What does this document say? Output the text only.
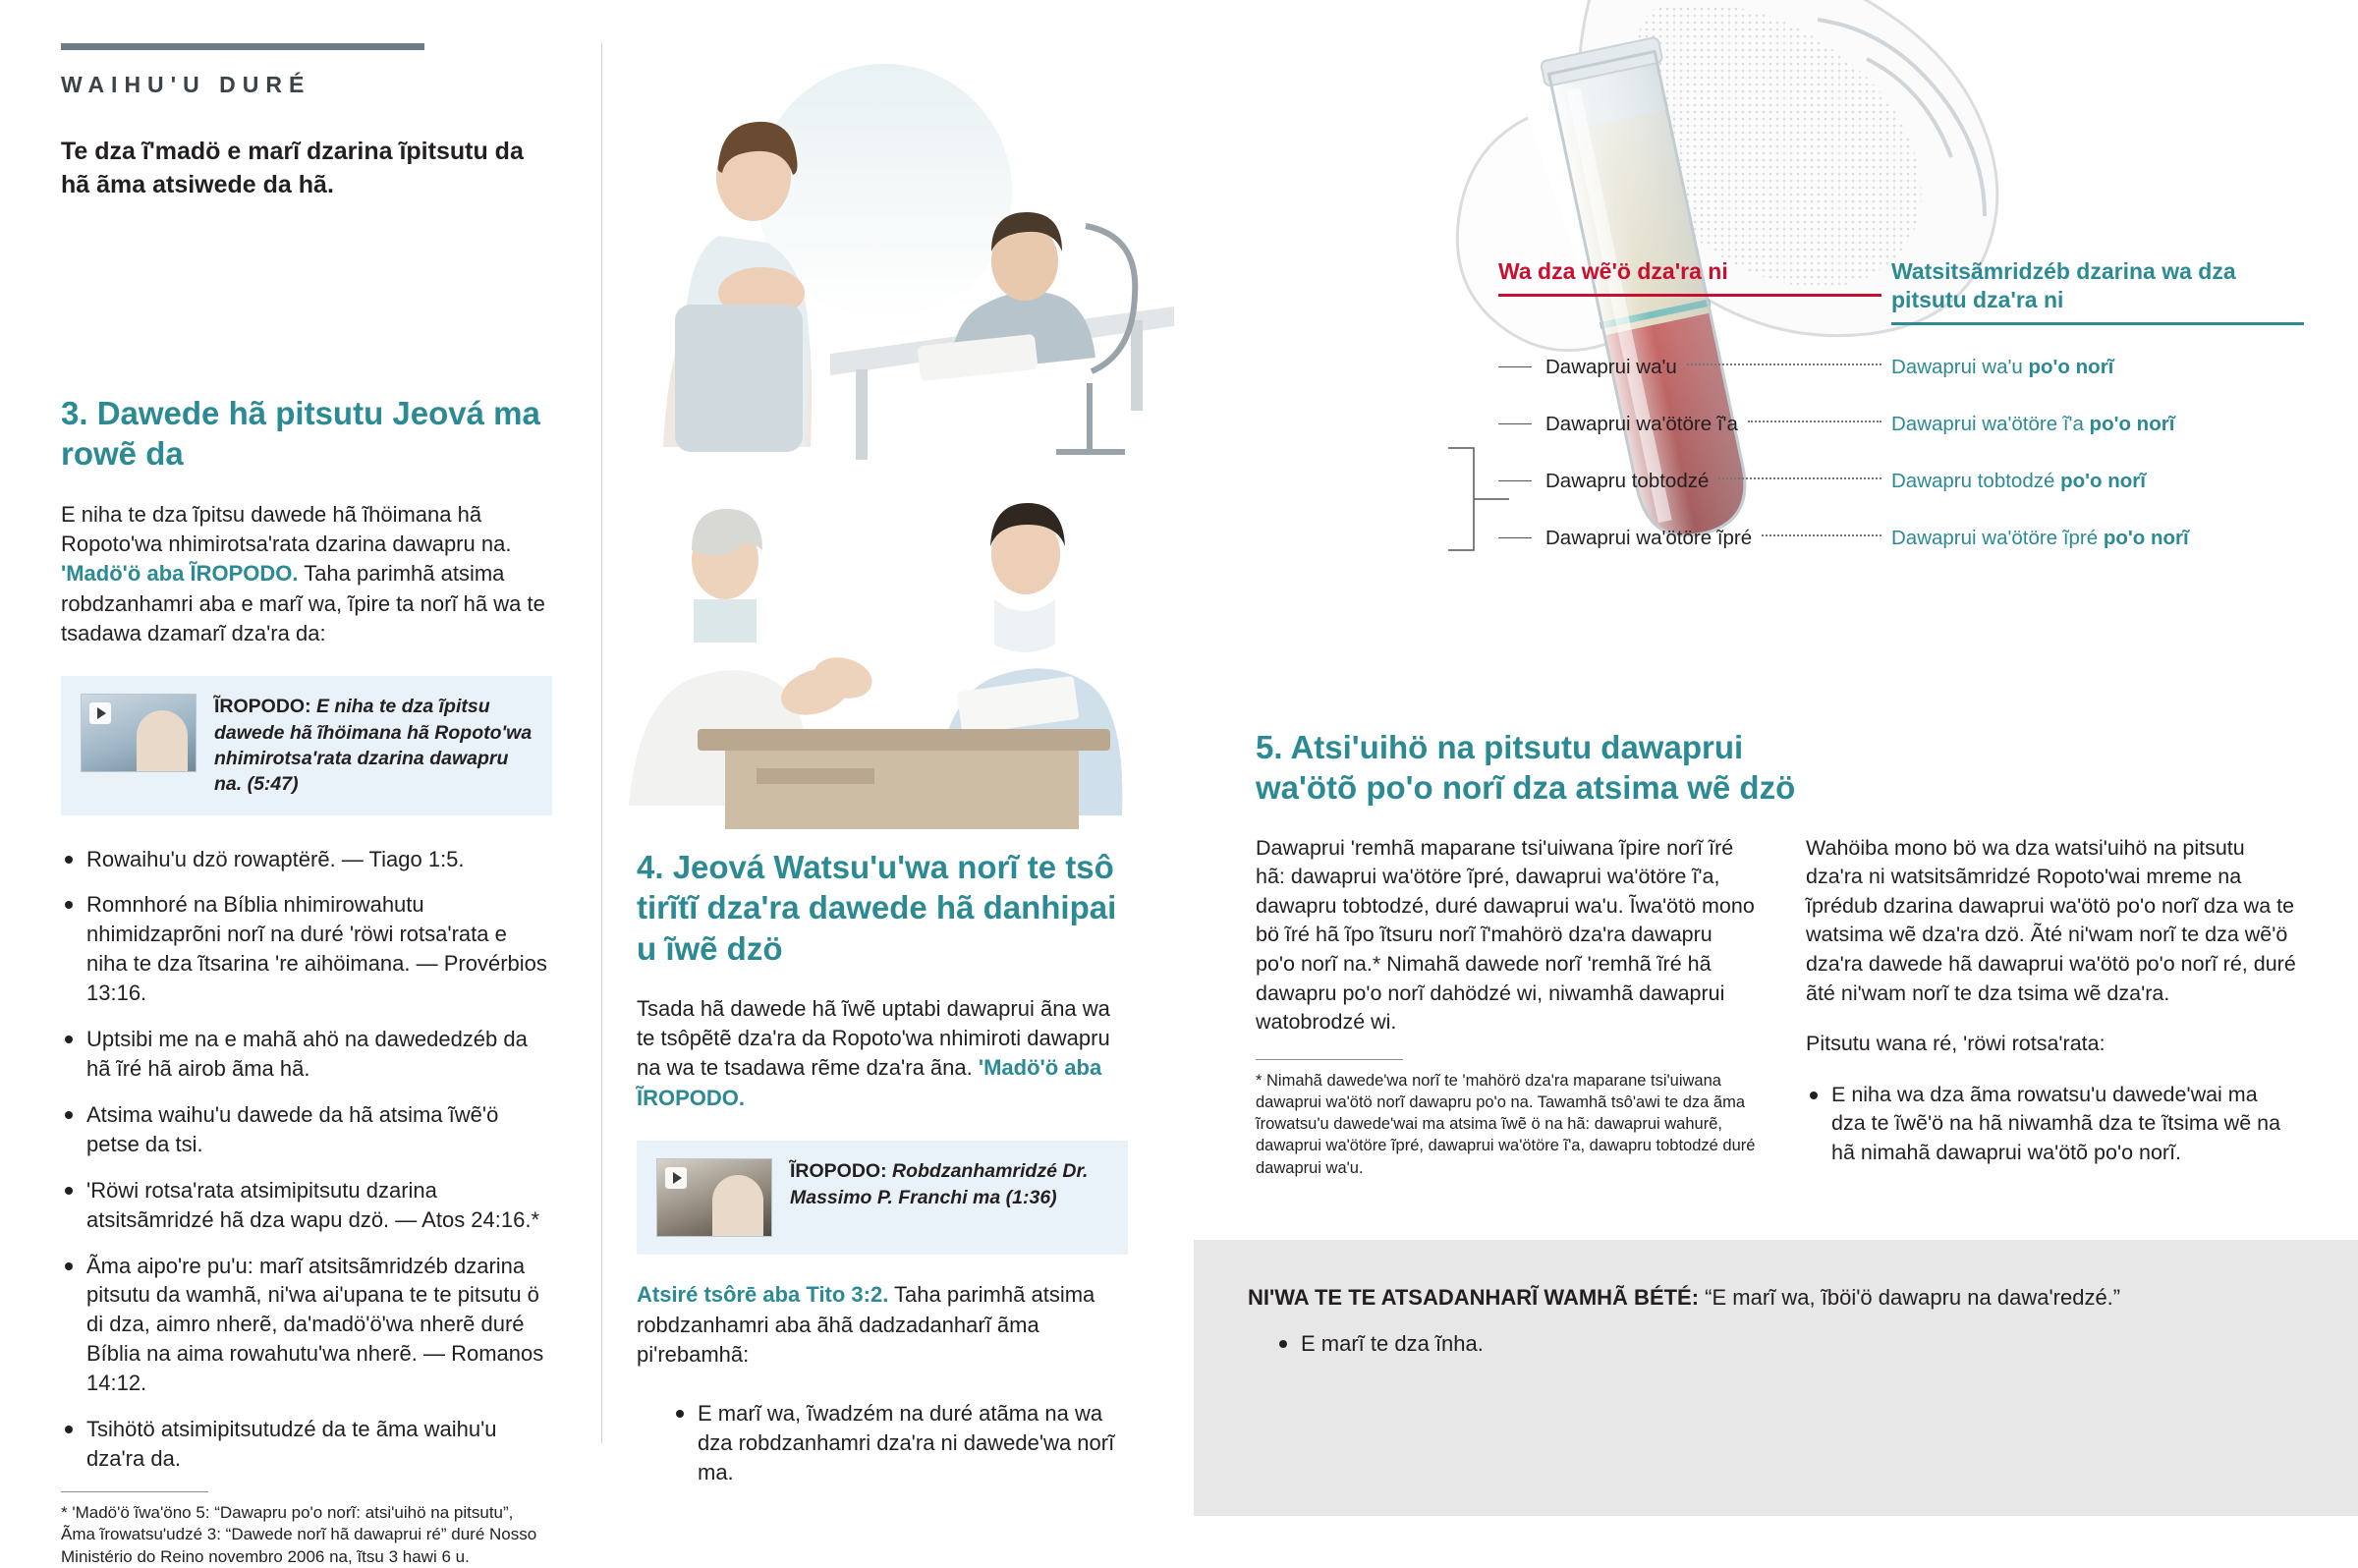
WAIHU'U DURÉ
Te dza ĩ'madö e marĩ dzarina ĩpitsutu da hã ãma atsiwede da hã.
3. Dawede hã pitsutu Jeová ma rowẽ da
E niha te dza ĩpitsu dawede hã ĩhöimana hã Ropoto'wa nhimirotsa'rata dzarina dawapru na. 'Madö'ö aba ĨROPODO. Taha parimhã atsima robdzanhamri aba e marĩ wa, ĩpire ta norĩ hã wa te tsadawa dzamarĩ dza'ra da:
ĨROPODO: E niha te dza ĩpitsu dawede hã ĩhöimana hã Ropoto'wa nhimirotsa'rata dzarina dawapru na. (5:47)
Rowaihu'u dzö rowaptërẽ. — Tiago 1:5.
Romnhoré na Bíblia nhimirowahutu nhimidzaprõni norĩ na duré 'röwi rotsa'rata e niha te dza ĩtsarina 're aihöimana. — Provérbios 13:16.
Uptsibi me na e mahã ahö na dawededzéb da hã ĩré hã airob ãma hã.
Atsima waihu'u dawede da hã atsima ĩwẽ'ö petse da tsi.
'Röwi rotsa'rata atsimipitsutu dzarina atsitsãmridzé hã dza wapu dzö. — Atos 24:16.*
Ãma aipo're pu'u: marĩ atsitsãmridzéb dzarina pitsutu da wamhã, ni'wa ai'upana te te pitsutu ö di dza, aimro nherẽ, da'madö'ö'wa nherẽ duré Bíblia na aima rowahutu'wa nherẽ. — Romanos 14:12.
Tsihötö atsimipitsutudzé da te ãma waihu'u dza'ra da.
* 'Madö'ö ĩwa'öno 5: “Dawapru po'o norĩ: atsi'uihö na pitsutu”, Ãma ĩrowatsu'udzé 3: “Dawede norĩ hã dawaprui ré” duré Nosso Ministério do Reino novembro 2006 na, ĩtsu 3 hawi 6 u.
4. Jeová Watsu'u'wa norĩ te tsô tirĩtĩ dza'ra dawede hã danhipai u ĩwẽ dzö
Tsada hã dawede hã ĩwẽ uptabi dawaprui ãna wa te tsôpẽtẽ dza'ra da Ropoto'wa nhimiroti dawapru na wa te tsadawa rẽme dza'ra ãna. 'Madö'ö aba ĨROPODO.
ĨROPODO: Robdzanhamridzé Dr. Massimo P. Franchi ma (1:36)
Atsiré tsôrē aba Tito 3:2. Taha parimhã atsima robdzanhamri aba ãhã dadzadanharĩ ãma pi'rebamhã:
E marĩ wa, ĩwadzém na duré atãma na wa dza robdzanhamri dza'ra ni dawede'wa norĩ ma.
Wa dza wẽ'ö dza'ra ni	Watsitsãmridzéb dzarina wa dza pitsutu dza'ra ni
Dawaprui wa'u	Dawaprui wa'u po'o norĩ
Dawaprui wa'ötöre ĩ'a	Dawaprui wa'ötöre ĩ'a po'o norĩ
Dawapru tobtodzé	Dawapru tobtodzé po'o norĩ
Dawaprui wa'ötöre ĩpré	Dawaprui wa'ötöre ĩpré po'o norĩ
5. Atsi'uihö na pitsutu dawaprui wa'ötõ po'o norĩ dza atsima wẽ dzö

Dawaprui 'remhã maparane tsi'uiwana ĩpire norĩ ĩré hã: dawaprui wa'ötöre ĩpré, dawaprui wa'ötöre ĩ'a, dawapru tobtodzé, duré dawaprui wa'u. Ĩwa'ötö mono bö ĩré hã ĩpo ĩtsuru norĩ ĩ'mahörö dza'ra dawapru po'o norĩ na.* Nimahã dawede norĩ 'remhã ĩré hã dawapru po'o norĩ dahödzé wi, niwamhã dawaprui watobrodzé wi.

* Nimahã dawede'wa norĩ te 'mahörö dza'ra maparane tsi'uiwana dawaprui wa'ötö norĩ dawapru po'o na. Tawamhã tsô'awi te dza ãma ĩrowatsu'u dawede'wai ma atsima ĩwẽ ö na hã: dawaprui wahurẽ, dawaprui wa'ötöre ĩpré, dawaprui wa'ötöre ĩ'a, dawapru tobtodzé duré dawaprui wa'u.

Wahöiba mono bö wa dza watsi'uihö na pitsutu dza'ra ni watsitsãmridzé Ropoto'wai mreme na ĩprédub dzarina dawaprui wa'ötö po'o norĩ dza wa te watsima wẽ dza'ra dzö. Ãté ni'wam norĩ te dza wẽ'ö dza'ra dawede hã dawaprui wa'ötö po'o norĩ ré, duré ãté ni'wam norĩ te dza tsima wẽ dza'ra.

Pitsutu wana ré, 'röwi rotsa'rata:

E niha wa dza ãma rowatsu'u dawede'wai ma dza te ĩwẽ'ö na hã niwamhã dza te ĩtsima wẽ na hã nimahã dawaprui wa'ötõ po'o norĩ.
NI'WA TE TE ATSADANHARĨ WAMHÃ BÉTÉ: “E marĩ wa, ĩböi'ö dawapru na dawa'redzé.”
E marĩ te dza ĩnha.
